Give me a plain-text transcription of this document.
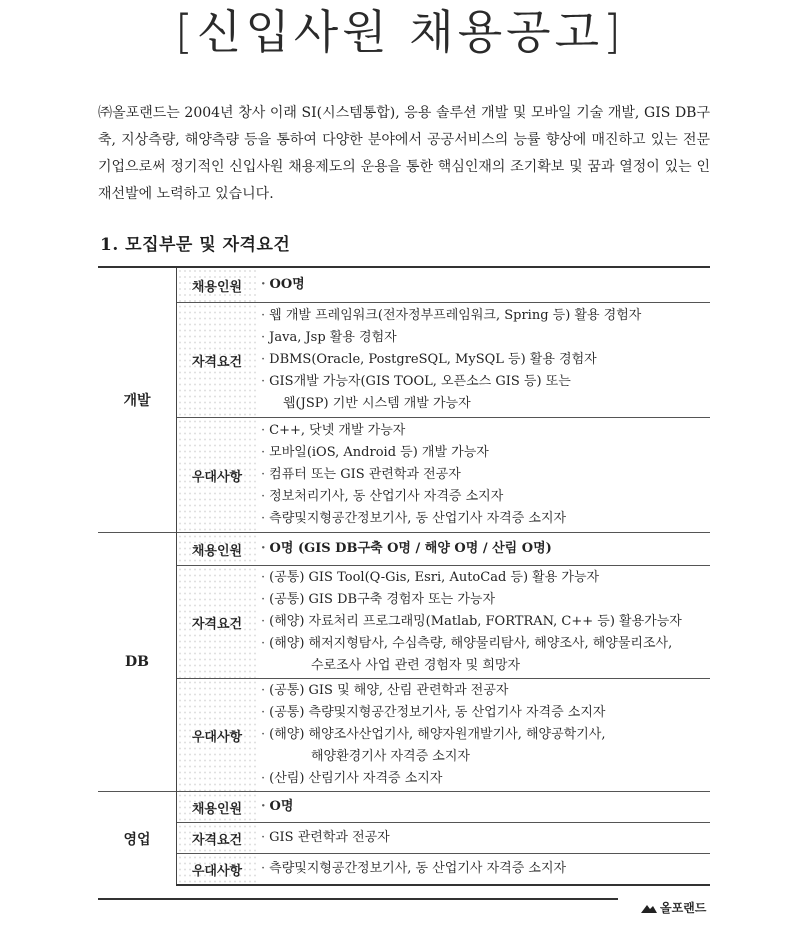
[신입사원 채용공고]
㈜올포랜드는 2004년 창사 이래 SI(시스템통합), 응용 솔루션 개발 및 모바일 기술 개발, GIS DB구축, 지상측량, 해양측량 등을 통하여 다양한 분야에서 공공서비스의 능률 향상에 매진하고 있는 전문기업으로써 정기적인 신입사원 채용제도의 운용을 통한 핵심인재의 조기확보 및 꿈과 열정이 있는 인재선발에 노력하고 있습니다.
1. 모집부문 및 자격요건
개발	채용인원	· OO명

	자격요건	· 웹 개발 프레임워크(전자정부프레임워크, Spring 등) 활용 경험자
· Java, Jsp 활용 경험자
· DBMS(Oracle, PostgreSQL, MySQL 등) 활용 경험자
· GIS개발 가능자(GIS TOOL, 오픈소스 GIS 등) 또는
웹(JSP) 기반 시스템 개발 가능자

	우대사항	· C++, 닷넷 개발 가능자
· 모바일(iOS, Android 등) 개발 가능자
· 컴퓨터 또는 GIS 관련학과 전공자
· 정보처리기사, 동 산업기사 자격증 소지자
· 측량및지형공간정보기사, 동 산업기사 자격증 소지자

DB	채용인원	· O명 (GIS DB구축 O명 / 해양 O명 / 산림 O명)

	자격요건	· (공통) GIS Tool(Q-Gis, Esri, AutoCad 등) 활용 가능자
· (공통) GIS DB구축 경험자 또는 가능자
· (해양) 자료처리 프로그래밍(Matlab, FORTRAN, C++ 등) 활용가능자
· (해양) 해저지형탐사, 수심측량, 해양물리탐사, 해양조사, 해양물리조사,
수로조사 사업 관련 경험자 및 희망자

	우대사항	· (공통) GIS 및 해양, 산림 관련학과 전공자
· (공통) 측량및지형공간정보기사, 동 산업기사 자격증 소지자
· (해양) 해양조사산업기사, 해양자원개발기사, 해양공학기사,
해양환경기사 자격증 소지자
· (산림) 산림기사 자격증 소지자

영업	채용인원	· O명

	자격요건	· GIS 관련학과 전공자

	우대사항	· 측량및지형공간정보기사, 동 산업기사 자격증 소지자
올포랜드
